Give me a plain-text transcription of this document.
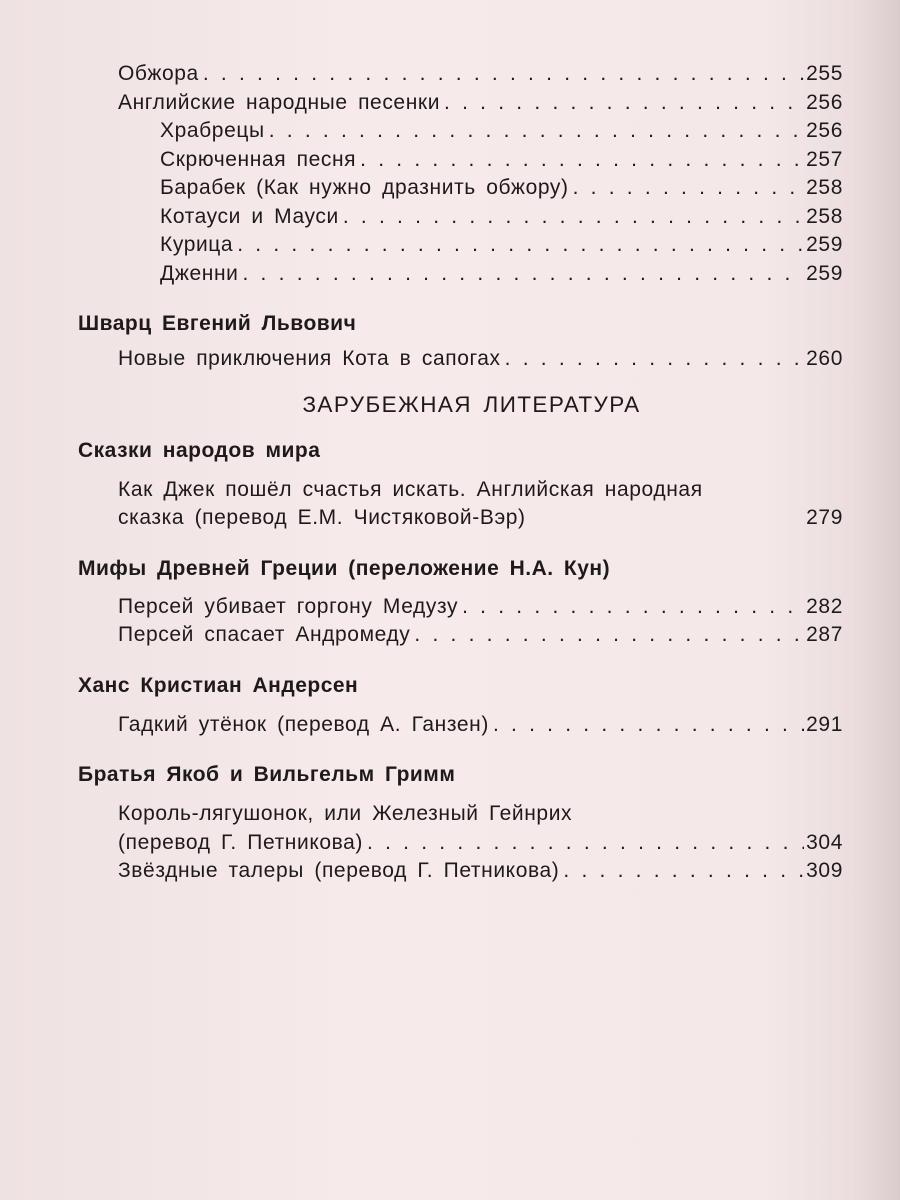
Обжора . . .	255
Английские народные песенки . . .	256
Храбрецы . . .	256
Скрюченная песня . . .	257
Барабек (Как нужно дразнить обжору) . . .	258
Котауси и Мауси . . .	258
Курица . . .	259
Дженни . . .	259
Шварц Евгений Львович
Новые приключения Кота в сапогах . . .	260
ЗАРУБЕЖНАЯ ЛИТЕРАТУРА
Сказки народов мира
Как Джек пошёл счастья искать. Английская народная
сказка (перевод Е.М. Чистяковой-Вэр)	279
Мифы Древней Греции (переложение Н.А. Кун)
Персей убивает горгону Медузу . . .	282
Персей спасает Андромеду . . .	287
Ханс Кристиан Андерсен
Гадкий утёнок (перевод А. Ганзен) . . .	291
Братья Якоб и Вильгельм Гримм
Король-лягушонок, или Железный Гейнрих
(перевод Г. Петникова) . . .	304
Звёздные талеры (перевод Г. Петникова) . . .	309
